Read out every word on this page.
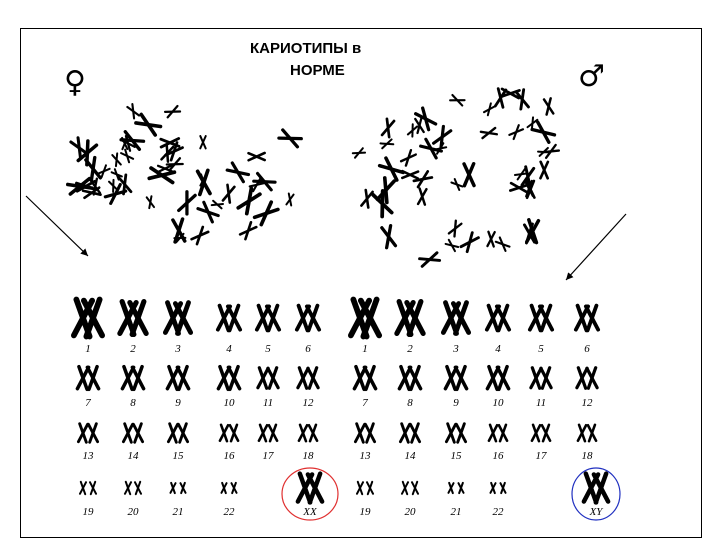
КАРИОТИПЫ в
НОРМЕ
♀	♂
1	2	3	4	5	6
7	8	9	10	11	12
13	14	15	16	17	18
19	20	21	22	XX
1	2	3	4	5	6
7	8	9	10	11	12
13	14	15	16	17	18
19	20	21	22	XY
